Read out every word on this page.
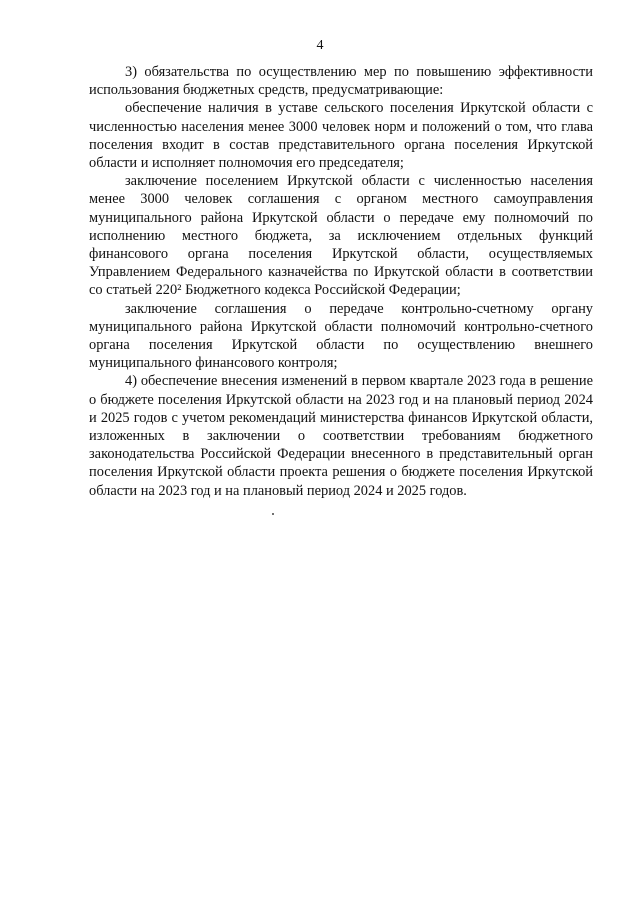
4

3) обязательства по осуществлению мер по повышению эффективности использования бюджетных средств, предусматривающие:

обеспечение наличия в уставе сельского поселения Иркутской области с численностью населения менее 3000 человек норм и положений о том, что глава поселения входит в состав представительного органа поселения Иркутской области и исполняет полномочия его председателя;

заключение поселением Иркутской области с численностью населения менее 3000 человек соглашения с органом местного самоуправления муниципального района Иркутской области о передаче ему полномочий по исполнению местного бюджета, за исключением отдельных функций финансового органа поселения Иркутской области, осуществляемых Управлением Федерального казначейства по Иркутской области в соответствии со статьей 220² Бюджетного кодекса Российской Федерации;

заключение соглашения о передаче контрольно-счетному органу муниципального района Иркутской области полномочий контрольно-счетного органа поселения Иркутской области по осуществлению внешнего муниципального финансового контроля;

4) обеспечение внесения изменений в первом квартале 2023 года в решение о бюджете поселения Иркутской области на 2023 год и на плановый период 2024 и 2025 годов с учетом рекомендаций министерства финансов Иркутской области, изложенных в заключении о соответствии требованиям бюджетного законодательства Российской Федерации внесенного в представительный орган поселения Иркутской области проекта решения о бюджете поселения Иркутской области на 2023 год и на плановый период 2024 и 2025 годов.
